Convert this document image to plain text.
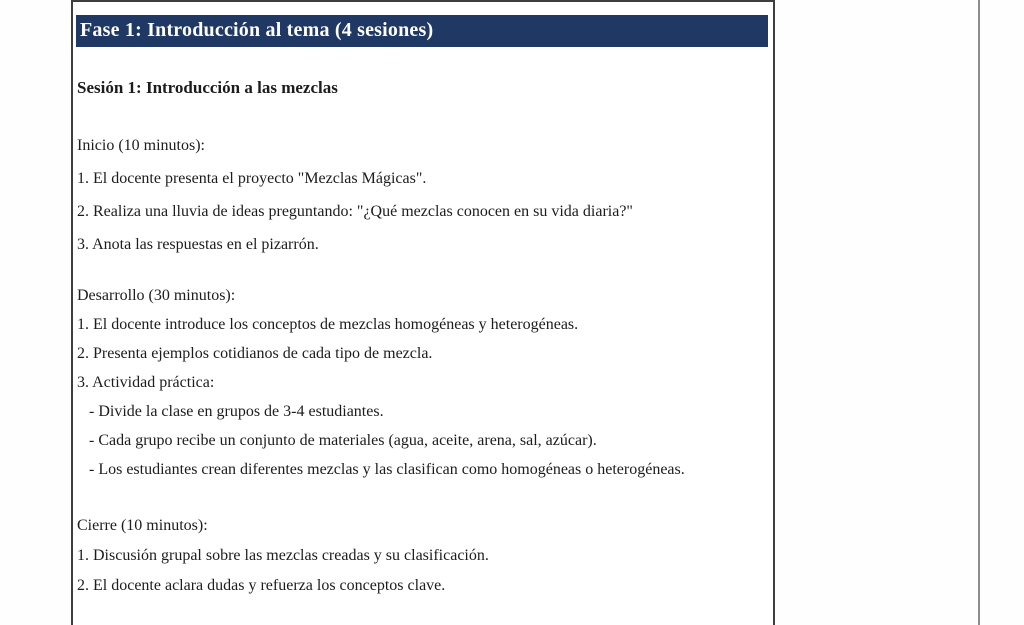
Fase 1: Introducción al tema (4 sesiones)
Sesión 1: Introducción a las mezclas
Inicio (10 minutos):
1. El docente presenta el proyecto "Mezclas Mágicas".
2. Realiza una lluvia de ideas preguntando: "¿Qué mezclas conocen en su vida diaria?"
3. Anota las respuestas en el pizarrón.
Desarrollo (30 minutos):
1. El docente introduce los conceptos de mezclas homogéneas y heterogéneas.
2. Presenta ejemplos cotidianos de cada tipo de mezcla.
3. Actividad práctica:
- Divide la clase en grupos de 3-4 estudiantes.
- Cada grupo recibe un conjunto de materiales (agua, aceite, arena, sal, azúcar).
- Los estudiantes crean diferentes mezclas y las clasifican como homogéneas o heterogéneas.
Cierre (10 minutos):
1. Discusión grupal sobre las mezclas creadas y su clasificación.
2. El docente aclara dudas y refuerza los conceptos clave.
